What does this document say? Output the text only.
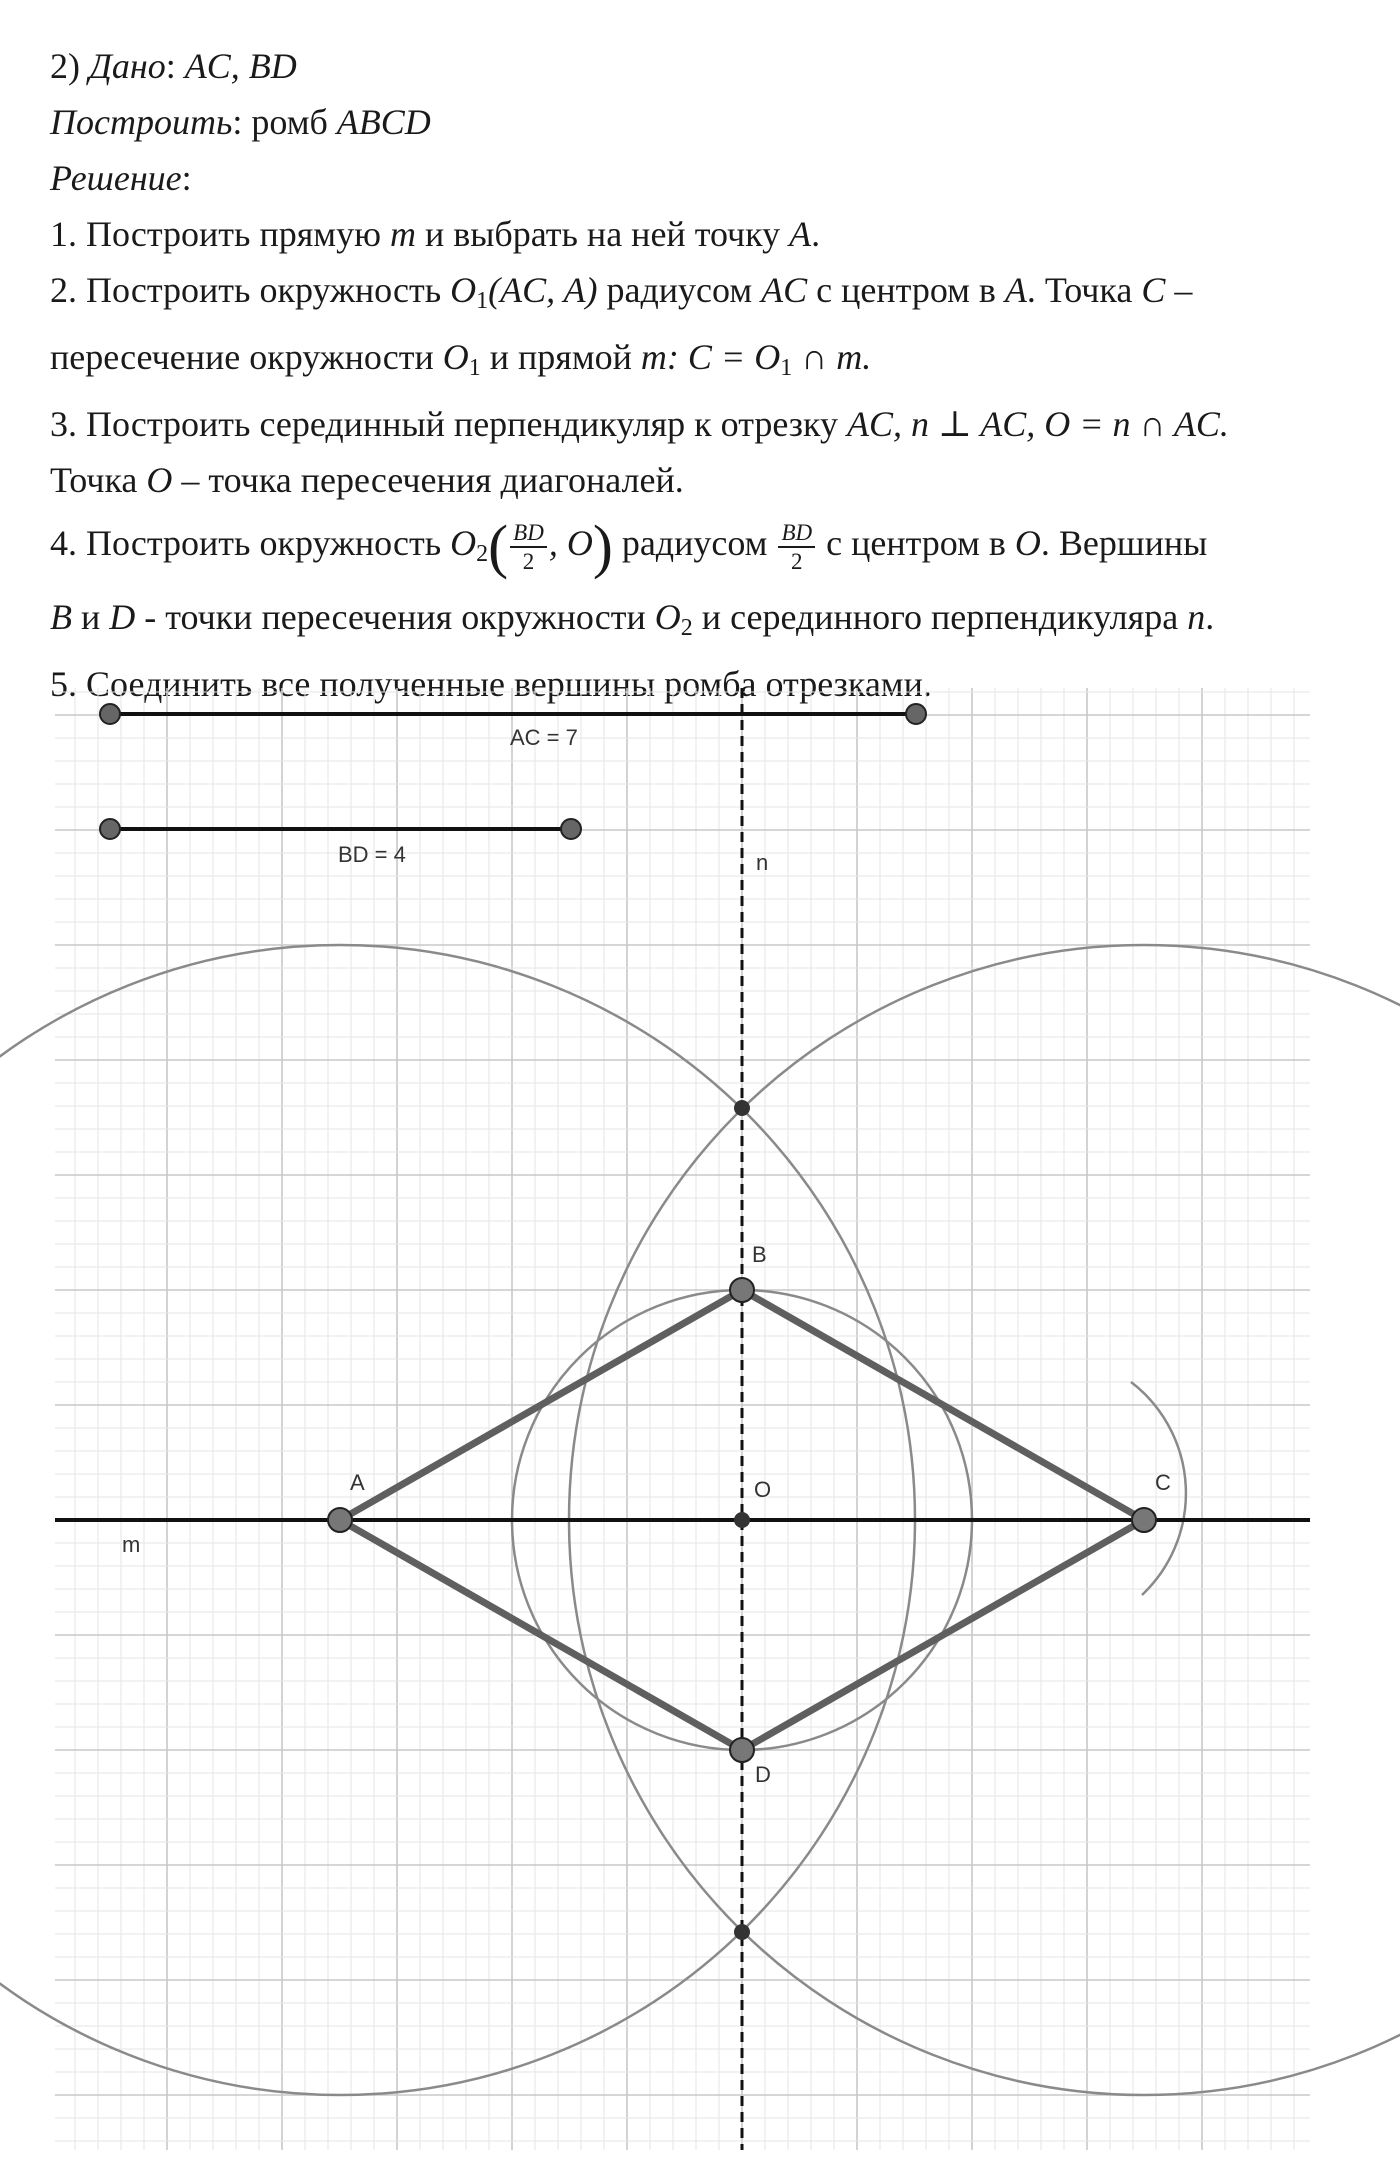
2) Дано: AC, BD
Построить: ромб ABCD
Решение:
1. Построить прямую m и выбрать на ней точку A.
2. Построить окружность $O_1(AC$, A) радиусом AC с центром в A. Точка C –
пересечение окружности $O_1$ и прямой m: $C = O_1$ ∩ m.
3. Построить серединный перпендикуляр к отрезку AC, n ⊥ AC, O = n ∩ AC.
Точка O – точка пересечения диагоналей.
4. Построить окружность $O_2( \frac{BD}{2}$ , O) радиусом $\frac{BD}{2}$ с центром в O. Вершины
B и D - точки пересечения окружности $O_2$ и серединного перпендикуляра n.
5. Соединить все полученные вершины ромба отрезками.
AC = 7
BD = 4
m
n
A
B
C
D
O
